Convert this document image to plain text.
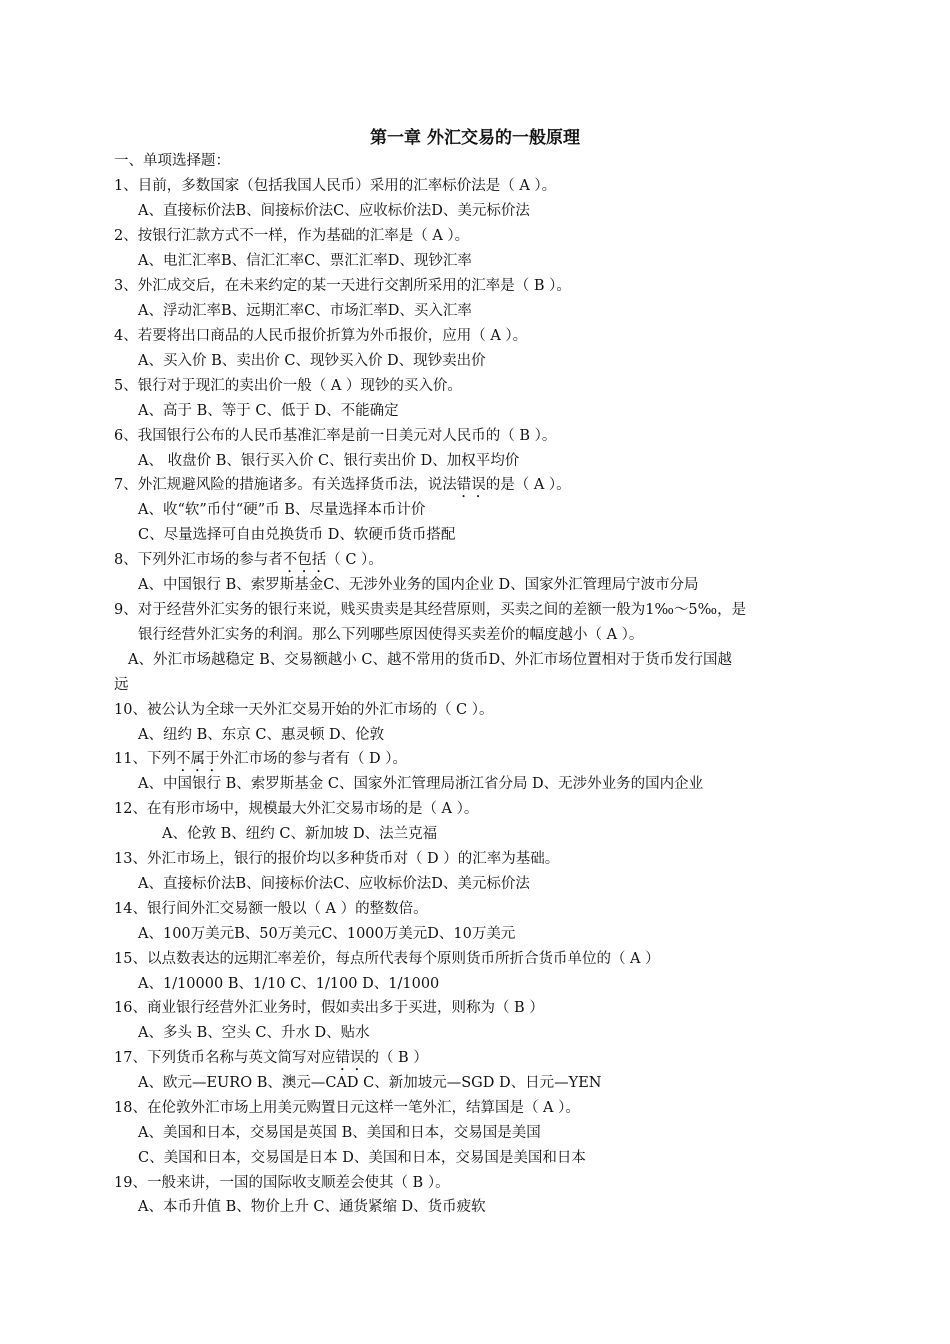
第一章 外汇交易的一般原理
一、单项选择题：
1、目前，多数国家（包括我国人民币）采用的汇率标价法是（ A ）。
A、直接标价法B、间接标价法C、应收标价法D、美元标价法
2、按银行汇款方式不一样，作为基础的汇率是（ A ）。
A、电汇汇率B、信汇汇率C、票汇汇率D、现钞汇率
3、外汇成交后，在未来约定的某一天进行交割所采用的汇率是（ B ）。
A、浮动汇率B、远期汇率C、市场汇率D、买入汇率
4、若要将出口商品的人民币报价折算为外币报价，应用（ A ）。
A、买入价 B、卖出价 C、现钞买入价 D、现钞卖出价
5、银行对于现汇的卖出价一般（ A ）现钞的买入价。
A、高于 B、等于 C、低于 D、不能确定
6、我国银行公布的人民币基准汇率是前一日美元对人民币的（ B ）。
A、 收盘价 B、银行买入价 C、银行卖出价 D、加权平均价
7、外汇规避风险的措施诸多。有关选择货币法，说法错误的是（ A ）。
A、收“软”币付“硬”币 B、尽量选择本币计价
C、尽量选择可自由兑换货币 D、软硬币货币搭配
8、下列外汇市场的参与者不包括（ C ）。
A、中国银行 B、索罗斯基金C、无涉外业务的国内企业 D、国家外汇管理局宁波市分局
9、对于经营外汇实务的银行来说，贱买贵卖是其经营原则，买卖之间的差额一般为1‰～5‰，是
银行经营外汇实务的利润。那么下列哪些原因使得买卖差价的幅度越小（ A ）。
A、外汇市场越稳定 B、交易额越小 C、越不常用的货币D、外汇市场位置相对于货币发行国越
远
10、被公认为全球一天外汇交易开始的外汇市场的（ C ）。
A、纽约 B、东京 C、惠灵顿 D、伦敦
11、下列不属于外汇市场的参与者有（ D ）。
A、中国银行 B、索罗斯基金 C、国家外汇管理局浙江省分局 D、无涉外业务的国内企业
12、在有形市场中，规模最大外汇交易市场的是（ A ）。
A、伦敦 B、纽约 C、新加坡 D、法兰克福
13、外汇市场上，银行的报价均以多种货币对（ D ）的汇率为基础。
A、直接标价法B、间接标价法C、应收标价法D、美元标价法
14、银行间外汇交易额一般以（ A ）的整数倍。
A、100万美元B、50万美元C、1000万美元D、10万美元
15、以点数表达的远期汇率差价，每点所代表每个原则货币所折合货币单位的（ A ）
A、1/10000 B、1/10 C、1/100 D、1/1000
16、商业银行经营外汇业务时，假如卖出多于买进，则称为（ B ）
A、多头 B、空头 C、升水 D、贴水
17、下列货币名称与英文简写对应错误的（ B ）
A、欧元—EURO B、澳元—CAD C、新加坡元—SGD D、日元—YEN
18、在伦敦外汇市场上用美元购置日元这样一笔外汇，结算国是（ A ）。
A、美国和日本，交易国是英国 B、美国和日本，交易国是美国
C、美国和日本，交易国是日本 D、美国和日本，交易国是美国和日本
19、一般来讲，一国的国际收支顺差会使其（ B ）。
A、本币升值 B、物价上升 C、通货紧缩 D、货币疲软
